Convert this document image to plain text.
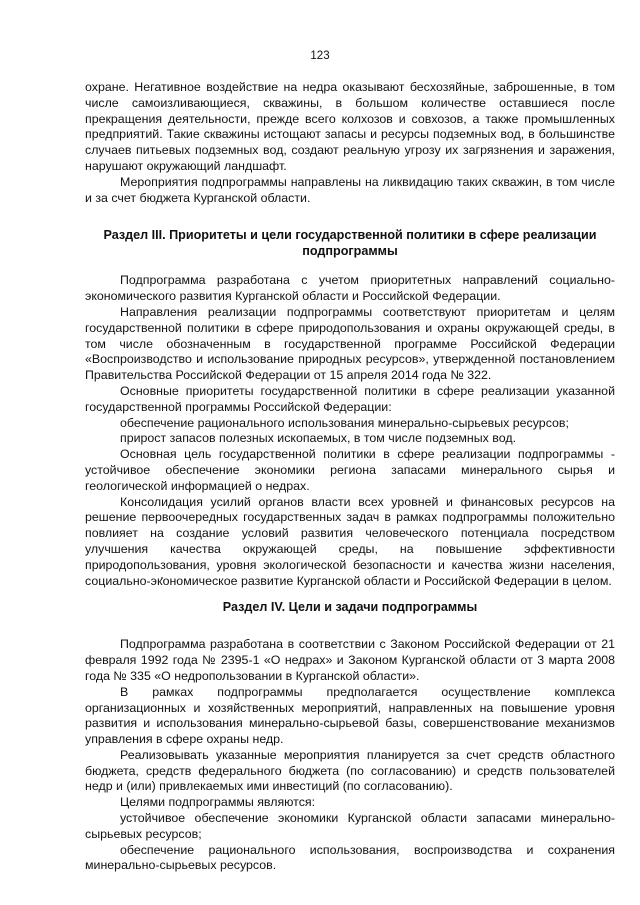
123

охране. Негативное воздействие на недра оказывают бесхозяйные, заброшенные, в том числе самоизливающиеся, скважины, в большом количестве оставшиеся после прекращения деятельности, прежде всего колхозов и совхозов, а также промышленных предприятий. Такие скважины истощают запасы и ресурсы подземных вод, в большинстве случаев питьевых подземных вод, создают реальную угрозу их загрязнения и заражения, нарушают окружающий ландшафт.

Мероприятия подпрограммы направлены на ликвидацию таких скважин, в том числе и за счет бюджета Курганской области.

Раздел III. Приоритеты и цели государственной политики в сфере реализации подпрограммы

Подпрограмма разработана с учетом приоритетных направлений социально-экономического развития Курганской области и Российской Федерации.

Направления реализации подпрограммы соответствуют приоритетам и целям государственной политики в сфере природопользования и охраны окружающей среды, в том числе обозначенным в государственной программе Российской Федерации «Воспроизводство и использование природных ресурсов», утвержденной постановлением Правительства Российской Федерации от 15 апреля 2014 года № 322.

Основные приоритеты государственной политики в сфере реализации указанной государственной программы Российской Федерации:

обеспечение рационального использования минерально-сырьевых ресурсов;

прирост запасов полезных ископаемых, в том числе подземных вод.

Основная цель государственной политики в сфере реализации подпрограммы - устойчивое обеспечение экономики региона запасами минерального сырья и геологической информацией о недрах.

Консолидация усилий органов власти всех уровней и финансовых ресурсов на решение первоочередных государственных задач в рамках подпрограммы положительно повлияет на создание условий развития человеческого потенциала посредством улучшения качества окружающей среды, на повышение эффективности природопользования, уровня экологической безопасности и качества жизни населения, социально-экономическое развитие Курганской области и Российской Федерации в целом.

Раздел IV. Цели и задачи подпрограммы

Подпрограмма разработана в соответствии с Законом Российской Федерации от 21 февраля 1992 года № 2395-1 «О недрах» и Законом Курганской области от 3 марта 2008 года № 335 «О недропользовании в Курганской области».

В рамках подпрограммы предполагается осуществление комплекса организационных и хозяйственных мероприятий, направленных на повышение уровня развития и использования минерально-сырьевой базы, совершенствование механизмов управления в сфере охраны недр.

Реализовывать указанные мероприятия планируется за счет средств областного бюджета, средств федерального бюджета (по согласованию) и средств пользователей недр и (или) привлекаемых ими инвестиций (по согласованию).

Целями подпрограммы являются:

устойчивое обеспечение экономики Курганской области запасами минерально-сырьевых ресурсов;

обеспечение рационального использования, воспроизводства и сохранения минерально-сырьевых ресурсов.
